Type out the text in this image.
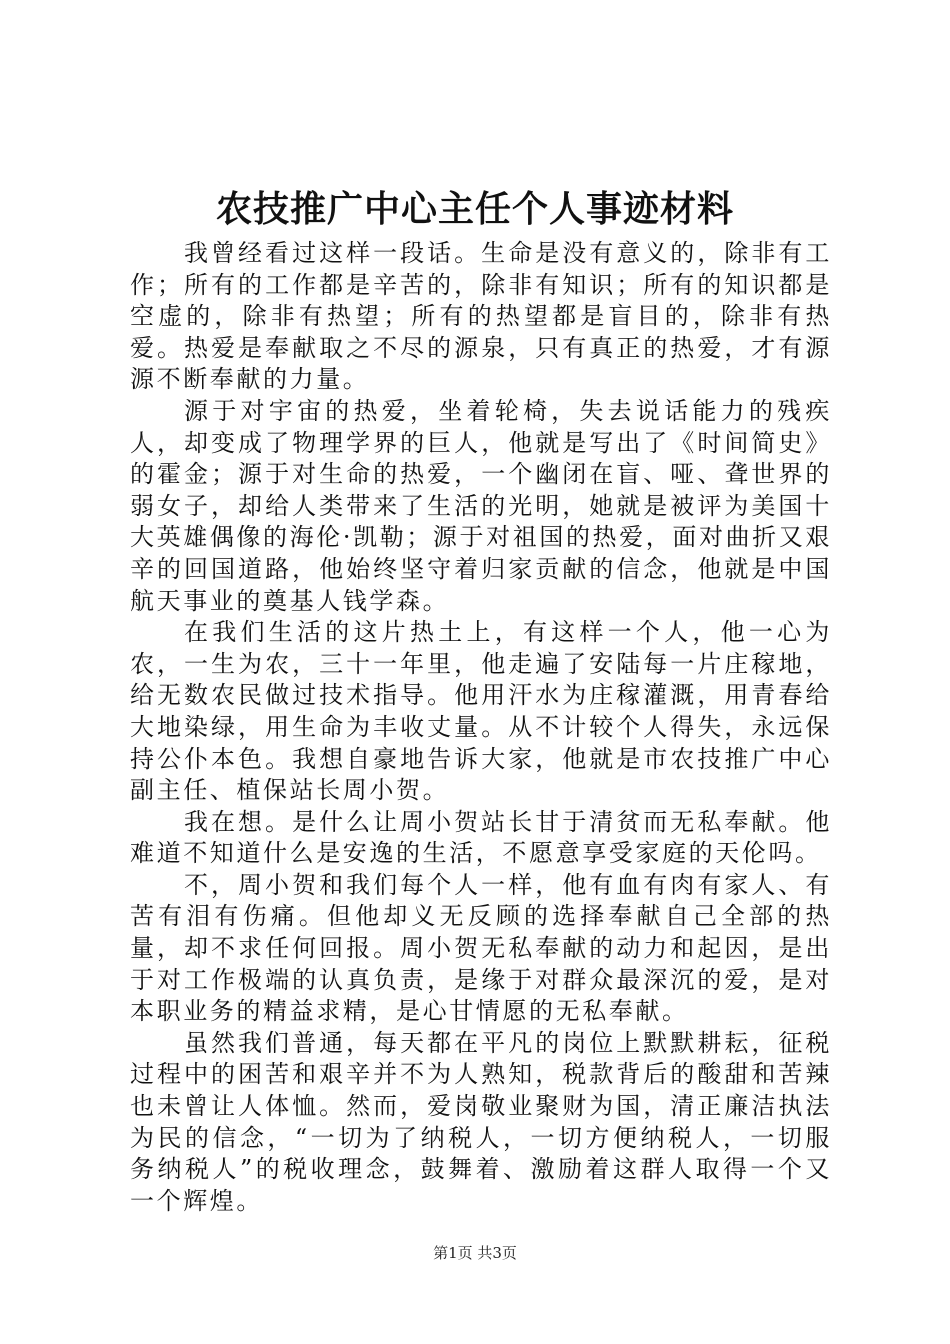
农技推广中心主任个人事迹材料

我曾经看过这样一段话。生命是没有意义的，除非有工作；所有的工作都是辛苦的，除非有知识；所有的知识都是空虚的，除非有热望；所有的热望都是盲目的，除非有热爱。热爱是奉献取之不尽的源泉，只有真正的热爱，才有源源不断奉献的力量。

源于对宇宙的热爱，坐着轮椅，失去说话能力的残疾人，却变成了物理学界的巨人，他就是写出了《时间简史》的霍金；源于对生命的热爱，一个幽闭在盲、哑、聋世界的弱女子，却给人类带来了生活的光明，她就是被评为美国十大英雄偶像的海伦·凯勒；源于对祖国的热爱，面对曲折又艰辛的回国道路，他始终坚守着归家贡献的信念，他就是中国航天事业的奠基人钱学森。

在我们生活的这片热土上，有这样一个人，他一心为农，一生为农，三十一年里，他走遍了安陆每一片庄稼地，给无数农民做过技术指导。他用汗水为庄稼灌溉，用青春给大地染绿，用生命为丰收丈量。从不计较个人得失，永远保持公仆本色。我想自豪地告诉大家，他就是市农技推广中心副主任、植保站长周小贺。

我在想。是什么让周小贺站长甘于清贫而无私奉献。他难道不知道什么是安逸的生活，不愿意享受家庭的天伦吗。

不，周小贺和我们每个人一样，他有血有肉有家人、有苦有泪有伤痛。但他却义无反顾的选择奉献自己全部的热量，却不求任何回报。周小贺无私奉献的动力和起因，是出于对工作极端的认真负责，是缘于对群众最深沉的爱，是对本职业务的精益求精，是心甘情愿的无私奉献。

虽然我们普通，每天都在平凡的岗位上默默耕耘，征税过程中的困苦和艰辛并不为人熟知，税款背后的酸甜和苦辣也未曾让人体恤。然而，爱岗敬业聚财为国，清正廉洁执法为民的信念，“一切为了纳税人，一切方便纳税人，一切服务纳税人”的税收理念，鼓舞着、激励着这群人取得一个又一个辉煌。

第1页 共3页
